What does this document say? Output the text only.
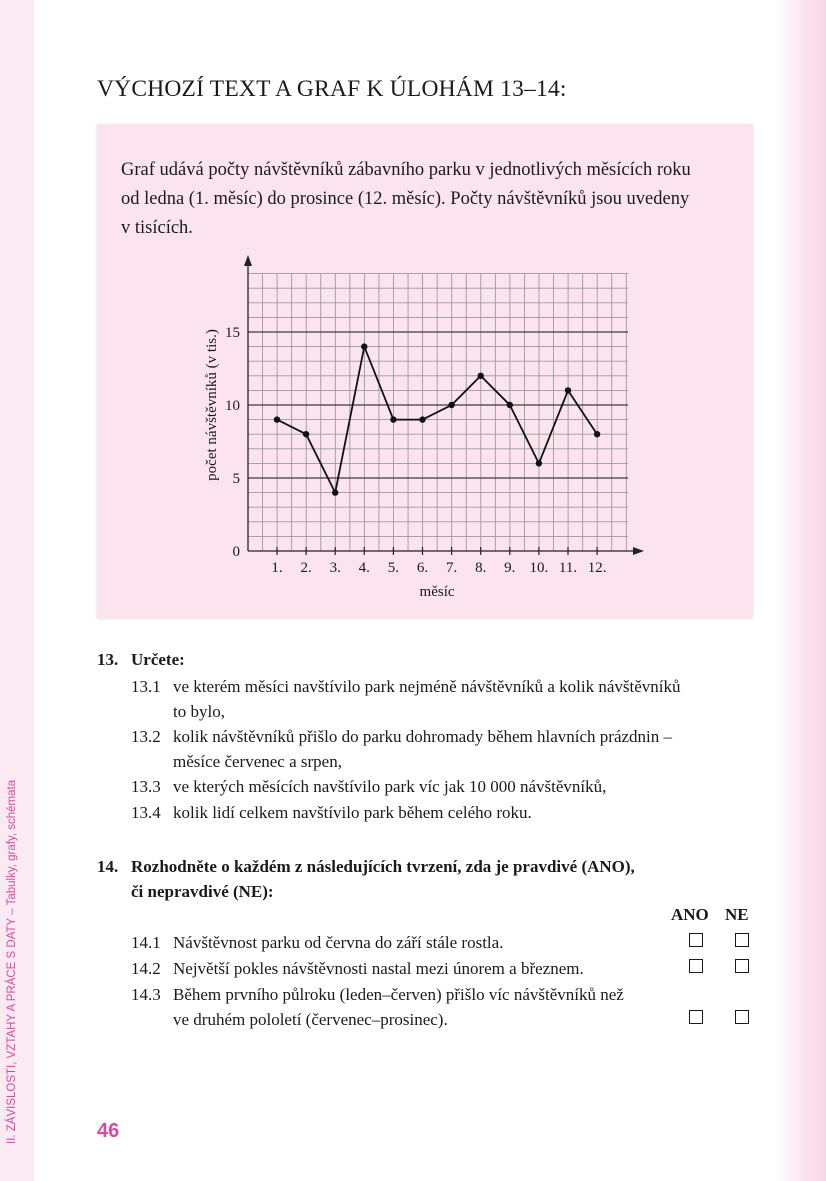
II. ZÁVISLOSTI, VZTAHY A PRÁCE S DATY – Tabulky, grafy, schémata
VÝCHOZÍ TEXT A GRAF K ÚLOHÁM 13–14:
Graf udává počty návštěvníků zábavního parku v jednotlivých měsících roku
od ledna (1. měsíc) do prosince (12. měsíc). Počty návštěvníků jsou uvedeny
v tisících.
0
5
10
15
1. 2. 3. 4. 5. 6. 7. 8. 9. 10. 11. 12.
měsíc
počet návštěvníků (v tis.)
13. Určete:
13.1 ve kterém měsíci navštívilo park nejméně návštěvníků a kolik návštěvníků
to bylo,
13.2 kolik návštěvníků přišlo do parku dohromady během hlavních prázdnin –
měsíce červenec a srpen,
13.3 ve kterých měsících navštívilo park víc jak 10 000 návštěvníků,
13.4 kolik lidí celkem navštívilo park během celého roku.
14. Rozhodněte o každém z následujících tvrzení, zda je pravdivé (ANO),
či nepravdivé (NE):
ANO NE
14.1 Návštěvnost parku od června do září stále rostla.
14.2 Největší pokles návštěvnosti nastal mezi únorem a březnem.
14.3 Během prvního půlroku (leden–červen) přišlo víc návštěvníků než
ve druhém pololetí (červenec–prosinec).
46
